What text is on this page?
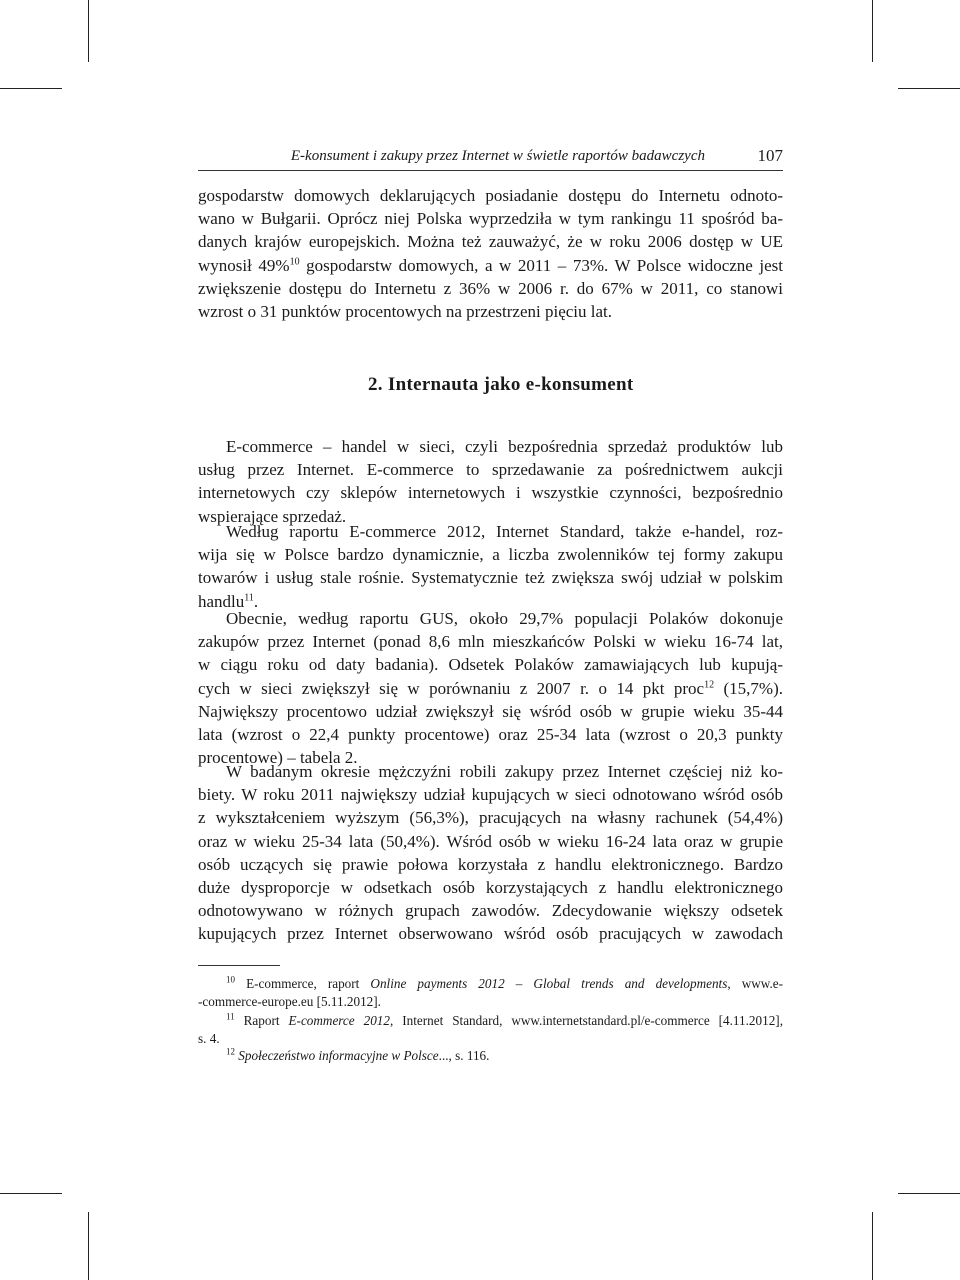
E-konsument i zakupy przez Internet w świetle raportów badawczych	107
gospodarstw domowych deklarujących posiadanie dostępu do Internetu odnoto-
wano w Bułgarii. Oprócz niej Polska wyprzedziła w tym rankingu 11 spośród ba-
danych krajów europejskich. Można też zauważyć, że w roku 2006 dostęp w UE
wynosił 49%$^{10}$ gospodarstw domowych, a w 2011 – 73%. W Polsce widoczne jest
zwiększenie dostępu do Internetu z 36% w 2006 r. do 67% w 2011, co stanowi
wzrost o 31 punktów procentowych na przestrzeni pięciu lat.
2. Internauta jako e-konsument
E-commerce – handel w sieci, czyli bezpośrednia sprzedaż produktów lub
usług przez Internet. E-commerce to sprzedawanie za pośrednictwem aukcji
internetowych czy sklepów internetowych i wszystkie czynności, bezpośrednio
wspierające sprzedaż.
Według raportu E-commerce 2012, Internet Standard, także e-handel, roz-
wija się w Polsce bardzo dynamicznie, a liczba zwolenników tej formy zakupu
towarów i usług stale rośnie. Systematycznie też zwiększa swój udział w polskim
handlu$^{11}$.
Obecnie, według raportu GUS, około 29,7% populacji Polaków dokonuje
zakupów przez Internet (ponad 8,6 mln mieszkańców Polski w wieku 16-74 lat,
w ciągu roku od daty badania). Odsetek Polaków zamawiających lub kupują-
cych w sieci zwiększył się w porównaniu z 2007 r. o 14 pkt proc$^{12}$ (15,7%).
Największy procentowo udział zwiększył się wśród osób w grupie wieku 35-44
lata (wzrost o 22,4 punkty procentowe) oraz 25-34 lata (wzrost o 20,3 punkty
procentowe) – tabela 2.
W badanym okresie mężczyźni robili zakupy przez Internet częściej niż ko-
biety. W roku 2011 największy udział kupujących w sieci odnotowano wśród osób
z wykształceniem wyższym (56,3%), pracujących na własny rachunek (54,4%)
oraz w wieku 25-34 lata (50,4%). Wśród osób w wieku 16-24 lata oraz w grupie
osób uczących się prawie połowa korzystała z handlu elektronicznego. Bardzo
duże dysproporcje w odsetkach osób korzystających z handlu elektronicznego
odnotowywano w różnych grupach zawodów. Zdecydowanie większy odsetek
kupujących przez Internet obserwowano wśród osób pracujących w zawodach
$^{10}$ E-commerce, raport Online payments 2012 – Global trends and developments, www.e-
-commerce-europe.eu [5.11.2012].
$^{11}$ Raport E-commerce 2012, Internet Standard, www.internetstandard.pl/e-commerce [4.11.2012],
s. 4.
$^{12}$ Społeczeństwo informacyjne w Polsce..., s. 116.
